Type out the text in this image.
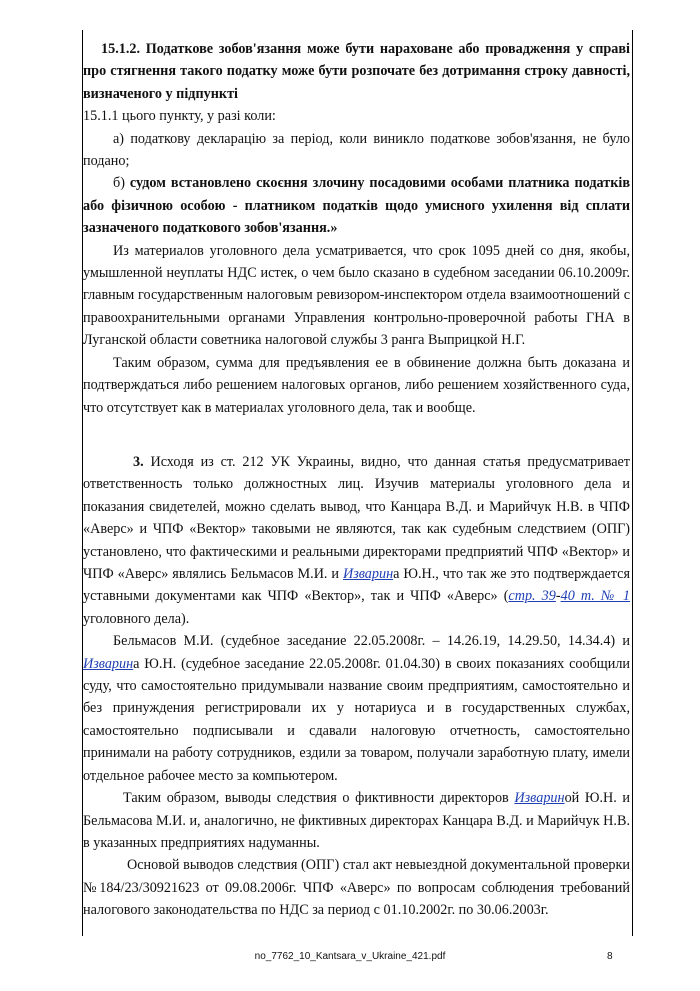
15.1.2. Податкове зобов'язання може бути нараховане або провадження у справі про стягнення такого податку може бути розпочате без дотримання строку давності, визначеного у підпункті
15.1.1 цього пункту, у разі коли:

а) податкову декларацію за період, коли виникло податкове зобов'язання, не було подано;

б) судом встановлено скоєння злочину посадовими особами платника податків або фізичною особою - платником податків щодо умисного ухилення від сплати зазначеного податкового зобов'язання.»

Из материалов уголовного дела усматривается, что срок 1095 дней со дня, якобы, умышленной неуплаты НДС истек, о чем было сказано в судебном заседании 06.10.2009г. главным государственным налоговым ревизором-инспектором отдела взаимоотношений с правоохранительными органами Управления контрольно-проверочной работы ГНА в Луганской области советника налоговой службы 3 ранга Выприцкой Н.Г.

Таким образом, сумма для предъявления ее в обвинение должна быть доказана и подтверждаться либо решением налоговых органов, либо решением хозяйственного суда, что отсутствует как в материалах уголовного дела, так и вообще.

3. Исходя из ст. 212 УК Украины, видно, что данная статья предусматривает ответственность только должностных лиц. Изучив материалы уголовного дела и показания свидетелей, можно сделать вывод, что Канцара В.Д. и Марийчук Н.В. в ЧПФ «Аверс» и ЧПФ «Вектор» таковыми не являются, так как судебным следствием (ОПГ) установлено, что фактическими и реальными директорами предприятий ЧПФ «Вектор» и ЧПФ «Аверс» являлись Бельмасов М.И. и Изварина Ю.Н., что так же это подтверждается уставными документами как ЧПФ «Вектор», так и ЧПФ «Аверс» (стр. 39-40 т. № 1 уголовного дела).

Бельмасов М.И. (судебное заседание 22.05.2008г. – 14.26.19, 14.29.50, 14.34.4) и Изварина Ю.Н. (судебное заседание 22.05.2008г. 01.04.30) в своих показаниях сообщили суду, что самостоятельно придумывали название своим предприятиям, самостоятельно и без принуждения регистрировали их у нотариуса и в государственных службах, самостоятельно подписывали и сдавали налоговую отчетность, самостоятельно принимали на работу сотрудников, ездили за товаром, получали заработную плату, имели отдельное рабочее место за компьютером.

Таким образом, выводы следствия о фиктивности директоров Извариной Ю.Н. и Бельмасова М.И. и, аналогично, не фиктивных директорах Канцара В.Д. и Марийчук Н.В. в указанных предприятиях надуманны.

Основой выводов следствия (ОПГ) стал акт невыездной документальной проверки №184/23/30921623 от 09.08.2006г. ЧПФ «Аверс» по вопросам соблюдения требований налогового законодательства по НДС за период с 01.10.2002г. по 30.06.2003г.

no_7762_10_Kantsara_v_Ukraine_421.pdf	8
